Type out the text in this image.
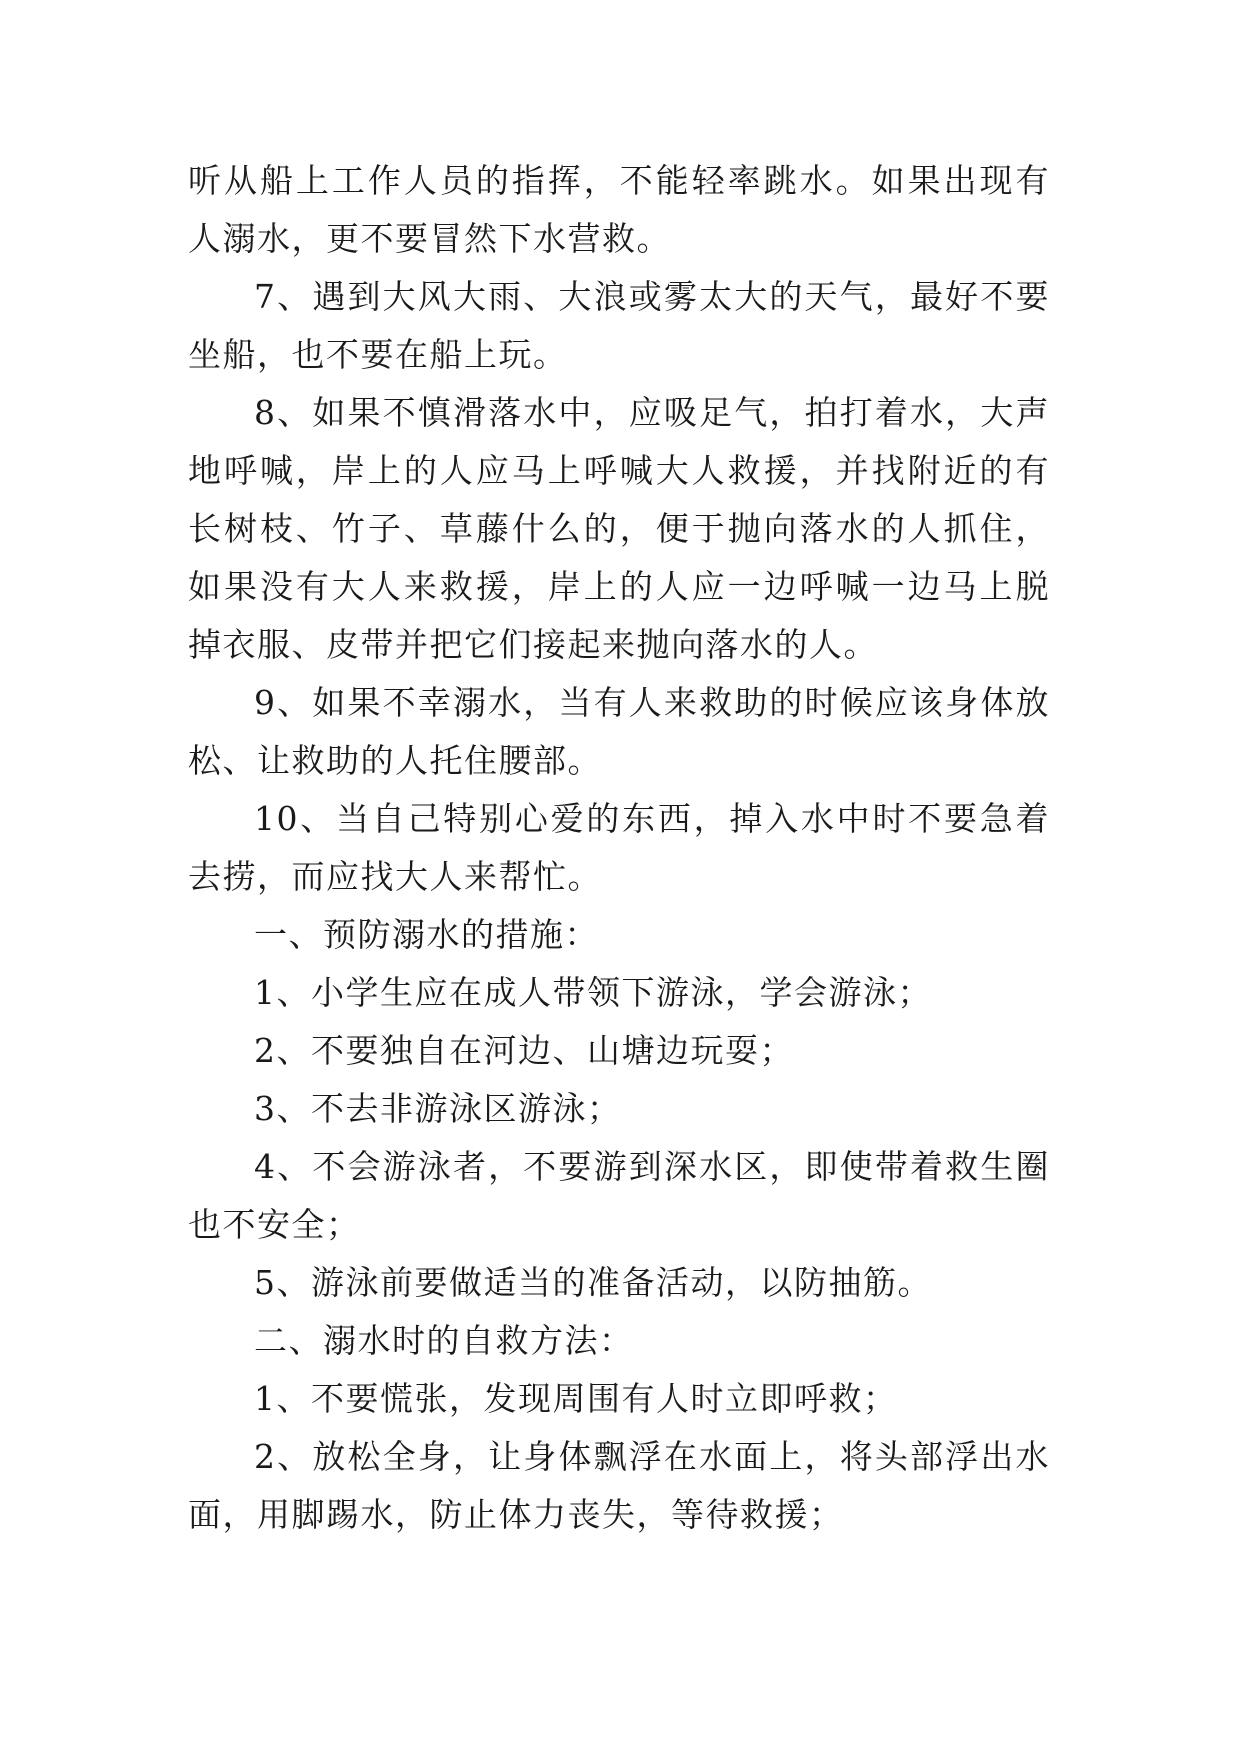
听从船上工作人员的指挥，不能轻率跳水。如果出现有人溺水，更不要冒然下水营救。

7、遇到大风大雨、大浪或雾太大的天气，最好不要坐船，也不要在船上玩。

8、如果不慎滑落水中，应吸足气，拍打着水，大声地呼喊，岸上的人应马上呼喊大人救援，并找附近的有长树枝、竹子、草藤什么的，便于抛向落水的人抓住，如果没有大人来救援，岸上的人应一边呼喊一边马上脱掉衣服、皮带并把它们接起来抛向落水的人。

9、如果不幸溺水，当有人来救助的时候应该身体放松、让救助的人托住腰部。

10、当自己特别心爱的东西，掉入水中时不要急着去捞，而应找大人来帮忙。

一、预防溺水的措施：

1、小学生应在成人带领下游泳，学会游泳；

2、不要独自在河边、山塘边玩耍；

3、不去非游泳区游泳；

4、不会游泳者，不要游到深水区，即使带着救生圈也不安全；

5、游泳前要做适当的准备活动，以防抽筋。

二、溺水时的自救方法：

1、不要慌张，发现周围有人时立即呼救；

2、放松全身，让身体飘浮在水面上，将头部浮出水面，用脚踢水，防止体力丧失，等待救援；
